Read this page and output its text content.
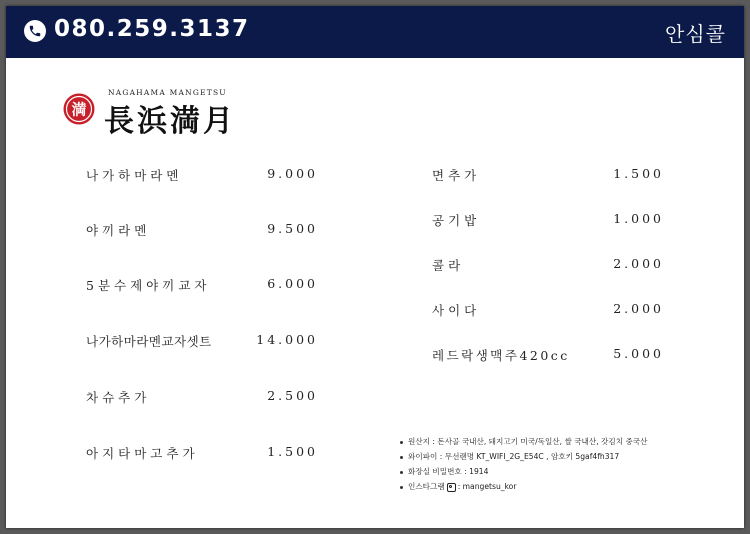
080.259.3137	안심콜
満
NAGAHAMA MANGETSU
長浜満月
나가하마라멘	9.000
야끼라멘	9.500
5분수제야끼교자	6.000
나가하마라멘교자셋트	14.000
차슈추가	2.500
아지타마고추가	1.500
면추가	1.500
공기밥	1.000
콜라	2.000
사이다	2.000
레드락생맥주420cc	5.000
원산지 : 돈사골 국내산, 돼지고기 미국/독일산, 쌀 국내산, 갓김치 중국산
와이파이 : 무선랜명 KT_WIFI_2G_E54C , 암호키 5gaf4fh317
화장실 비밀번호 : 1914
인스타그램 : mangetsu_kor
